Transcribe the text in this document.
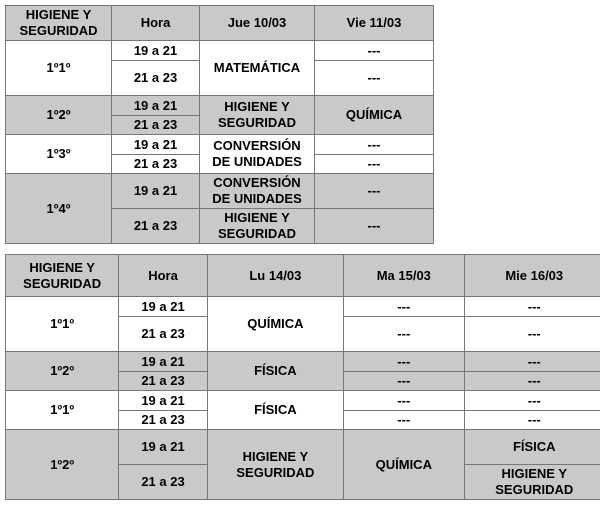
HIGIENE Y
SEGURIDAD	Hora	Jue 10/03	Vie 11/03
1º1º	19 a 21	MATEMÁTICA	---
	21 a 23		---
1º2º	19 a 21	HIGIENE Y
SEGURIDAD	QUÍMICA
	21 a 23		
1º3º	19 a 21	CONVERSIÓN
DE UNIDADES	---
	21 a 23		---
1º4º	19 a 21	CONVERSIÓN
DE UNIDADES	---
	21 a 23	HIGIENE Y
SEGURIDAD	---
HIGIENE Y
SEGURIDAD	Hora	Lu 14/03	Ma 15/03	Mie 16/03
1º1º	19 a 21	QUÍMICA	---	---
	21 a 23		---	---
1º2º	19 a 21	FÍSICA	---	---
	21 a 23		---	---
1º1º	19 a 21	FÍSICA	---	---
	21 a 23		---	---
1º2º	19 a 21	HIGIENE Y
SEGURIDAD	QUÍMICA	FÍSICA
	21 a 23			HIGIENE Y
SEGURIDAD
